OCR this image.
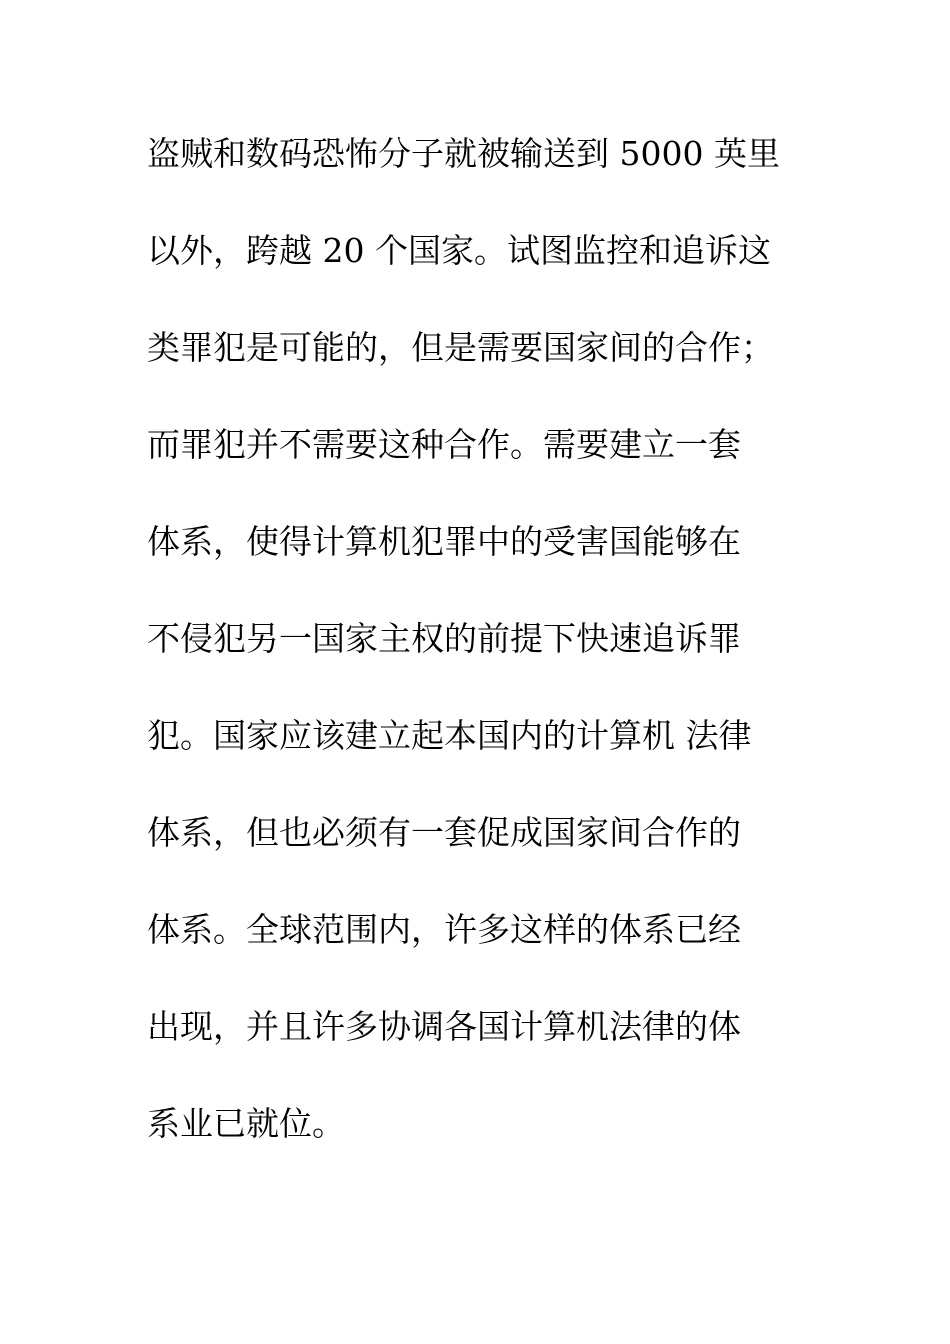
盗贼和数码恐怖分子就被输送到 5000 英里
以外，跨越 20 个国家。试图监控和追诉这
类罪犯是可能的，但是需要国家间的合作；
而罪犯并不需要这种合作。需要建立一套
体系，使得计算机犯罪中的受害国能够在
不侵犯另一国家主权的前提下快速追诉罪
犯。国家应该建立起本国内的计算机 法律
体系，但也必须有一套促成国家间合作的
体系。全球范围内，许多这样的体系已经
出现，并且许多协调各国计算机法律的体
系业已就位。
